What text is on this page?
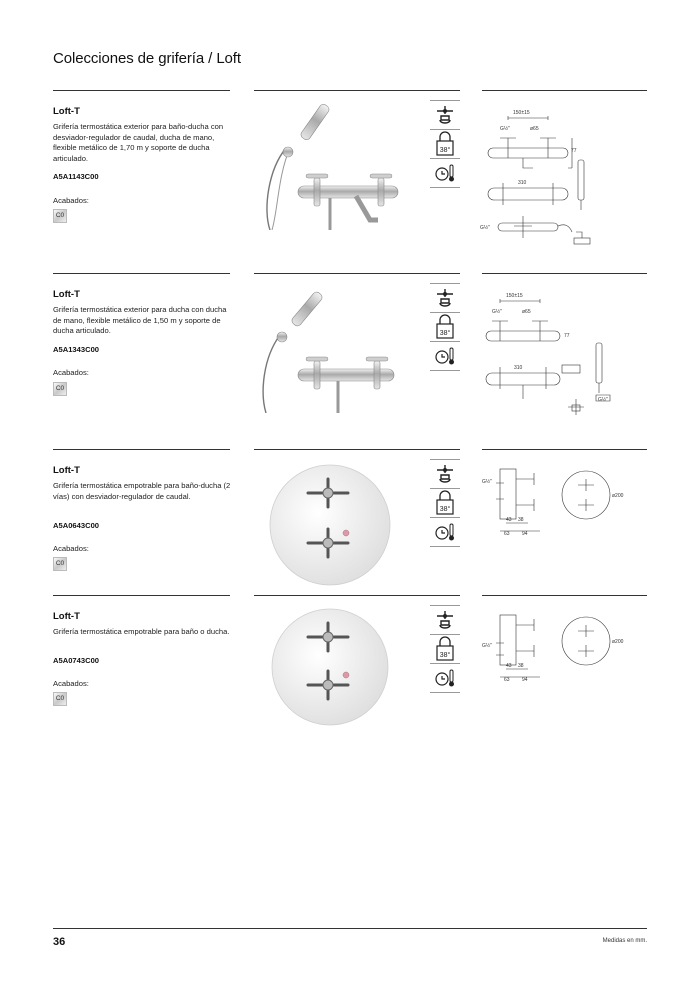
Colecciones de grifería / Loft
Loft-T
Grifería termostática exterior para baño-ducha con desviador-regulador de caudal, ducha de mano, flexible metálico de 1,70 m y soporte de ducha articulado.
A5A1143C00
Acabados:
C0
38°
150±15
ø65
77
310
G½"
G½"
Loft-T
Grifería termostática exterior para ducha con ducha de mano, flexible metálico de 1,50 m y soporte de ducha articulado.
A5A1343C00
Acabados:
C0
38°
150±15
ø65
77
310
G½"
G½"
Loft-T
Grifería termostática empotrable para baño-ducha (2 vías) con desviador-regulador de caudal.
A5A0643C00
Acabados:
C0
38°
G½"
ø200
43 38
63 94
Loft-T
Grifería termostática empotrable para baño o ducha.
A5A0743C00
Acabados:
C0
38°
G½"
ø200
43 38
63 94
36	Medidas en mm.
